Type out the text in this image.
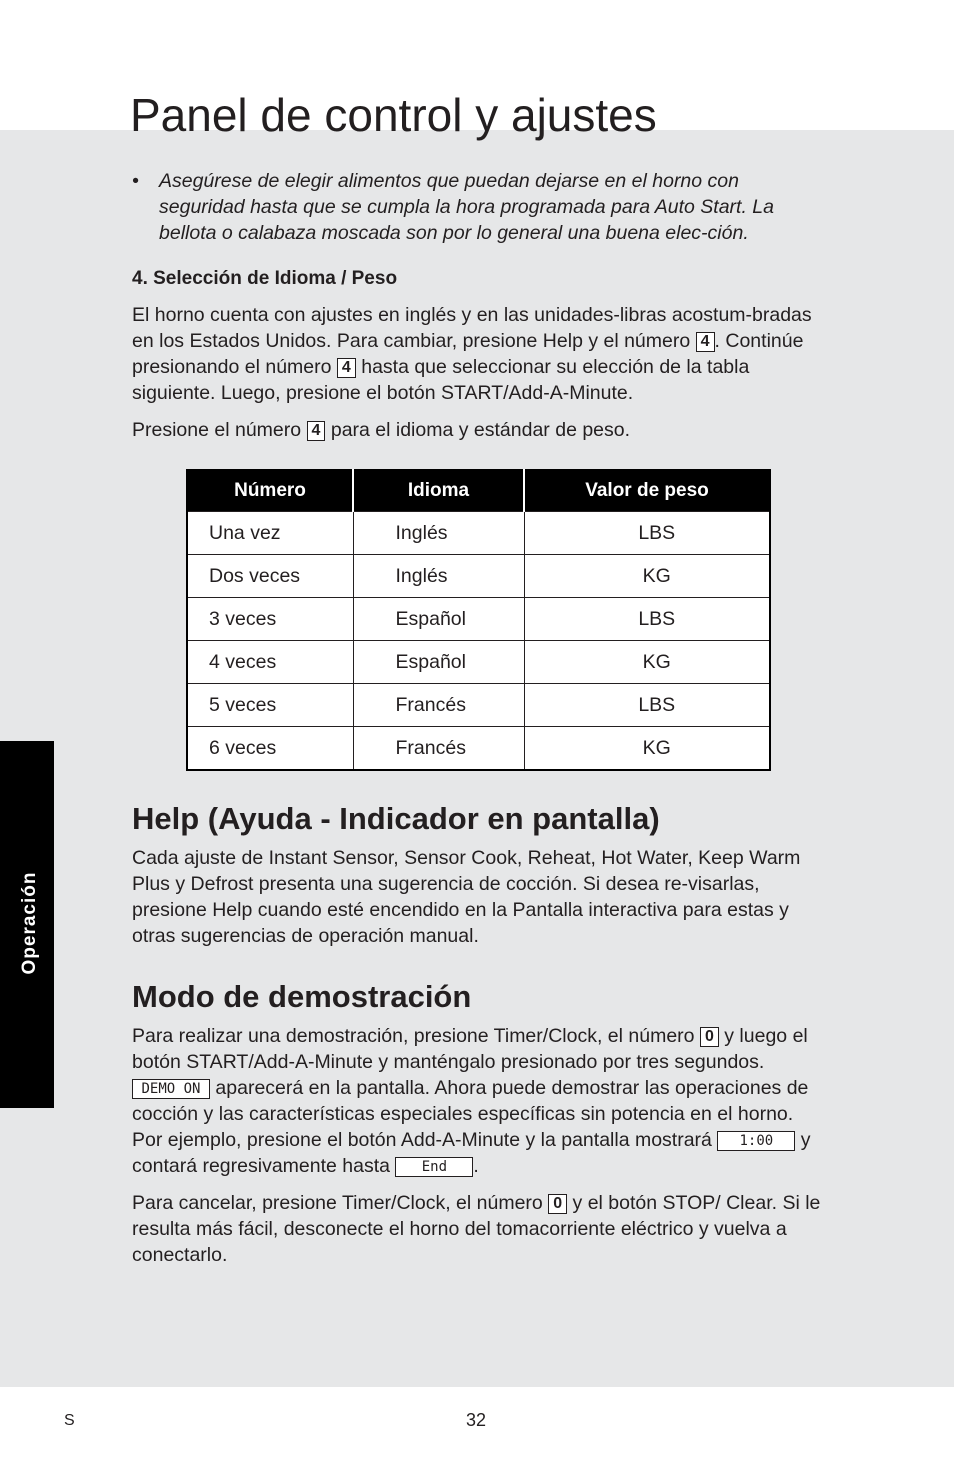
Operación
Panel de control y ajustes
•	Asegúrese de elegir alimentos que puedan dejarse en el horno con seguridad hasta que se cumpla la hora programada para Auto Start. La bellota o calabaza moscada son por lo general una buena elec-ción.
4. Selección de Idioma / Peso

El horno cuenta con ajustes en inglés y en las unidades-libras acostum-bradas en los Estados Unidos. Para cambiar, presione Help y el número 4 . Continúe presionando el número 4 hasta que seleccionar su elección de la tabla siguiente. Luego, presione el botón START/Add-A-Minute.

Presione el número 4 para el idioma y estándar de peso.

Número	Idioma	Valor de peso
Una vez	Inglés	LBS
Dos veces	Inglés	KG
3 veces	Español	LBS
4 veces	Español	KG
5 veces	Francés	LBS
6 veces	Francés	KG
Help (Ayuda - Indicador en pantalla)

Cada ajuste de Instant Sensor, Sensor Cook, Reheat, Hot Water, Keep Warm Plus y Defrost presenta una sugerencia de cocción. Si desea re-visarlas, presione Help cuando esté encendido en la Pantalla interactiva para estas y otras sugerencias de operación manual.

Modo de demostración

Para realizar una demostración, presione Timer/Clock, el número 0 y luego el botón START/Add-A-Minute y manténgalo presionado por tres segundos. DEMO ON aparecerá en la pantalla. Ahora puede demostrar las operaciones de cocción y las características especiales específicas sin potencia en el horno. Por ejemplo, presione el botón Add-A-Minute y la pantalla mostrará 1:00 y contará regresivamente hasta End .

Para cancelar, presione Timer/Clock, el número 0 y el botón STOP/ Clear. Si le resulta más fácil, desconecte el horno del tomacorriente eléctrico y vuelva a conectarlo.

S	32
